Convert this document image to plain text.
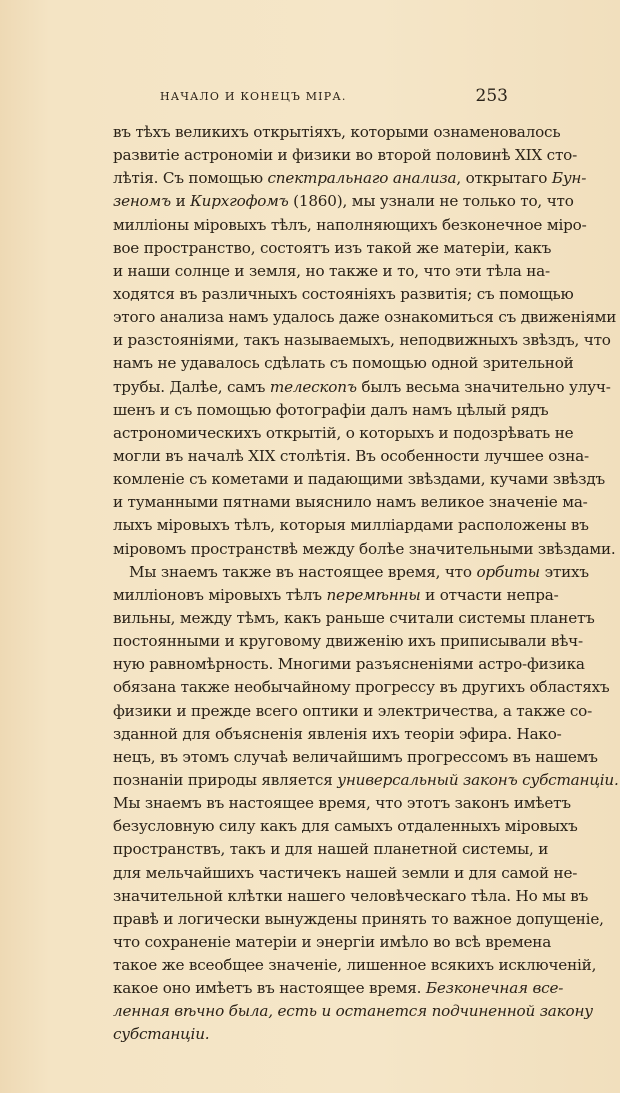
НАЧАЛО И КОНЕЦЪ МІРА.	253
въ тѣхъ великихъ открытіяхъ, которыми ознаменовалось
развитіе астрономіи и физики во второй половинѣ XIX сто-
лѣтія. Съ помощью спектральнаго анализа, открытаго Бун-
зеномъ и Кирхгофомъ (1860), мы узнали не только то, что
милліоны міровыхъ тѣлъ, наполняющихъ безконечное міро-
вое пространство, состоятъ изъ такой же матеріи, какъ
и наши солнце и земля, но также и то, что эти тѣла на-
ходятся въ различныхъ состояніяхъ развитія; съ помощью
этого анализа намъ удалось даже ознакомиться съ движеніями
и разстояніями, такъ называемыхъ, неподвижныхъ звѣздъ, что
намъ не удавалось сдѣлать съ помощью одной зрительной
трубы. Далѣе, самъ телескопъ былъ весьма значительно улуч-
шенъ и съ помощью фотографіи далъ намъ цѣлый рядъ
астрономическихъ открытій, о которыхъ и подозрѣвать не
могли въ началѣ XIX столѣтія. Въ особенности лучшее озна-
комленіе съ кометами и падающими звѣздами, кучами звѣздъ
и туманными пятнами выяснило намъ великое значеніе ма-
лыхъ міровыхъ тѣлъ, которыя милліардами расположены въ
міровомъ пространствѣ между болѣе значительными звѣздами.
Мы знаемъ также въ настоящее время, что орбиты этихъ
милліоновъ міровыхъ тѣлъ перемѣнны и отчасти непра-
вильны, между тѣмъ, какъ раньше считали системы планетъ
постоянными и круговому движенію ихъ приписывали вѣч-
ную равномѣрность. Многими разъясненіями астро-физика
обязана также необычайному прогрессу въ другихъ областяхъ
физики и прежде всего оптики и электричества, а также со-
зданной для объясненія явленія ихъ теоріи эфира. Нако-
нецъ, въ этомъ случаѣ величайшимъ прогрессомъ въ нашемъ
познаніи природы является универсальный законъ субстанціи.
Мы знаемъ въ настоящее время, что этотъ законъ имѣетъ
безусловную силу какъ для самыхъ отдаленныхъ міровыхъ
пространствъ, такъ и для нашей планетной системы, и
для мельчайшихъ частичекъ нашей земли и для самой не-
значительной клѣтки нашего человѣческаго тѣла. Но мы въ
правѣ и логически вынуждены принять то важное допущеніе,
что сохраненіе матеріи и энергіи имѣло во всѣ времена
такое же всеобщее значеніе, лишенное всякихъ исключеній,
какое оно имѣетъ въ настоящее время. Безконечная все-
ленная вѣчно была, есть и останется подчиненной закону
субстанціи.
